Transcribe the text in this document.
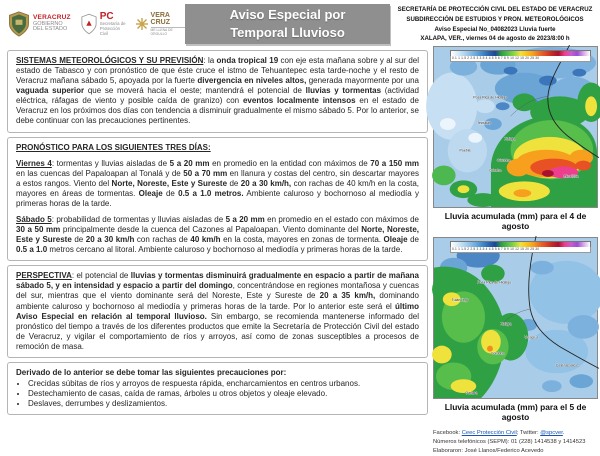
VERACRUZ
GOBIERNO
DEL ESTADO
PC
Secretaría de
Protección Civil
VERA
CRUZ
ME LLENA DE ORGULLO
Aviso Especial por
Temporal Lluvioso
SECRETARÍA DE PROTECCIÓN CIVIL DEL ESTADO DE VERACRUZ
SUBDIRECCIÓN DE ESTUDIOS Y PRON. METEOROLÓGICOS
Aviso Especial No_04082023 Lluvia fuerte
XALAPA, VER., viernes 04 de agosto de 2023/8:00 h

SISTEMAS METEOROLÓGICOS Y SU PREVISIÓN: la onda tropical 19 con eje esta mañana sobre y al sur del estado de Tabasco y con pronóstico de que éste cruce el istmo de Tehuantepec esta tarde-noche y el resto de Veracruz mañana sábado 5, apoyada por la fuerte divergencia en niveles altos, generada mayormente por una vaguada superior que se moverá hacia el oeste; mantendrá el potencial de lluvias y tormentas (actividad eléctrica, ráfagas de viento y posible caída de granizo) con eventos localmente intensos en el estado de Veracruz en los próximos dos días con tendencia a disminuir gradualmente el mismo sábado 5. Por lo anterior, se debe continuar con las precauciones pertinentes.

PRONÓSTICO PARA LOS SIGUIENTES TRES DÍAS:

Viernes 4: tormentas y lluvias aisladas de 5 a 20 mm en promedio en la entidad con máximos de 70 a 150 mm en las cuencas del Papaloapan al Tonalá y de 50 a 70 mm en llanura y costas del centro, sin descartar mayores a estos rangos. Viento del Norte, Noreste, Este y Sureste de 20 a 30 km/h, con rachas de 40 km/h en la costa, mayores en áreas de tormentas. Oleaje de 0.5 a 1.0 metros. Ambiente caluroso y bochornoso al mediodía y primeras horas de la tarde.

Sábado 5: probabilidad de tormentas y lluvias aisladas de 5 a 20 mm en promedio en el estado con máximos de 30 a 50 mm principalmente desde la cuenca del Cazones al Papaloapan. Viento dominante del Norte, Noreste, Este y Sureste de 20 a 30 km/h con rachas de 40 km/h en la costa, mayores en zonas de tormenta. Oleaje de 0.5 a 1.0 metros cercano al litoral. Ambiente caluroso y bochornoso al mediodía y primeras horas de la tarde.

PERSPECTIVA: el potencial de lluvias y tormentas disminuirá gradualmente en espacio a partir de mañana sábado 5, y en intensidad y espacio a partir del domingo, concentrándose en regiones montañosa y cuencas del sur, mientras que el viento dominante será del Noreste, Este y Sureste de 20 a 35 km/h, dominando ambiente caluroso y bochornoso al mediodía y primeras horas de la tarde. Por lo anterior este será el último Aviso Especial en relación al temporal lluvioso. Sin embargo, se recomienda mantenerse informado del pronóstico del tiempo a través de los diferentes productos que emite la Secretaría de Protección Civil del estado de Veracruz, y vigilar el comportamiento de ríos y arroyos, así como de zonas susceptibles a procesos de remoción de masa.

Derivado de lo anterior se debe tomar las siguientes precauciones por:

• Crecidas súbitas de ríos y arroyos de respuesta rápida, encharcamientos en centros urbanos.
• Destechamiento de casas, caída de ramas, árboles u otros objetos y oleaje elevado.
• Deslaves, derrumbes y deslizamientos.
Poza Rica de Hidalgo
Teziutlán
Xalapa
Puebla
Córdoba
Orizaba
Minatitlán
0.1 1 1.5 2 2.5 3 3.5 4 4.5 5 6 7 8 9 10 12 15 20 25 30
Lluvia acumulada (mm) para el 4 de agosto
Poza Rica de Hidalgo
Tulancingo
Xalapa
Veracruz
Córdoba
Coatzacoalcos
Oaxaca
0.1 1 1.5 2 2.5 3 3.5 4 4.5 5 6 7 8 9 10 12 15 20 25 30
Lluvia acumulada (mm) para el 5 de agosto
Facebook: Ceec Protección Civil; Twitter: @spcver.
Números telefónicos (SEPM): 01 (228) 1414538 y 1414523
Elaboraron: José Llanos/Federico Acevedo
